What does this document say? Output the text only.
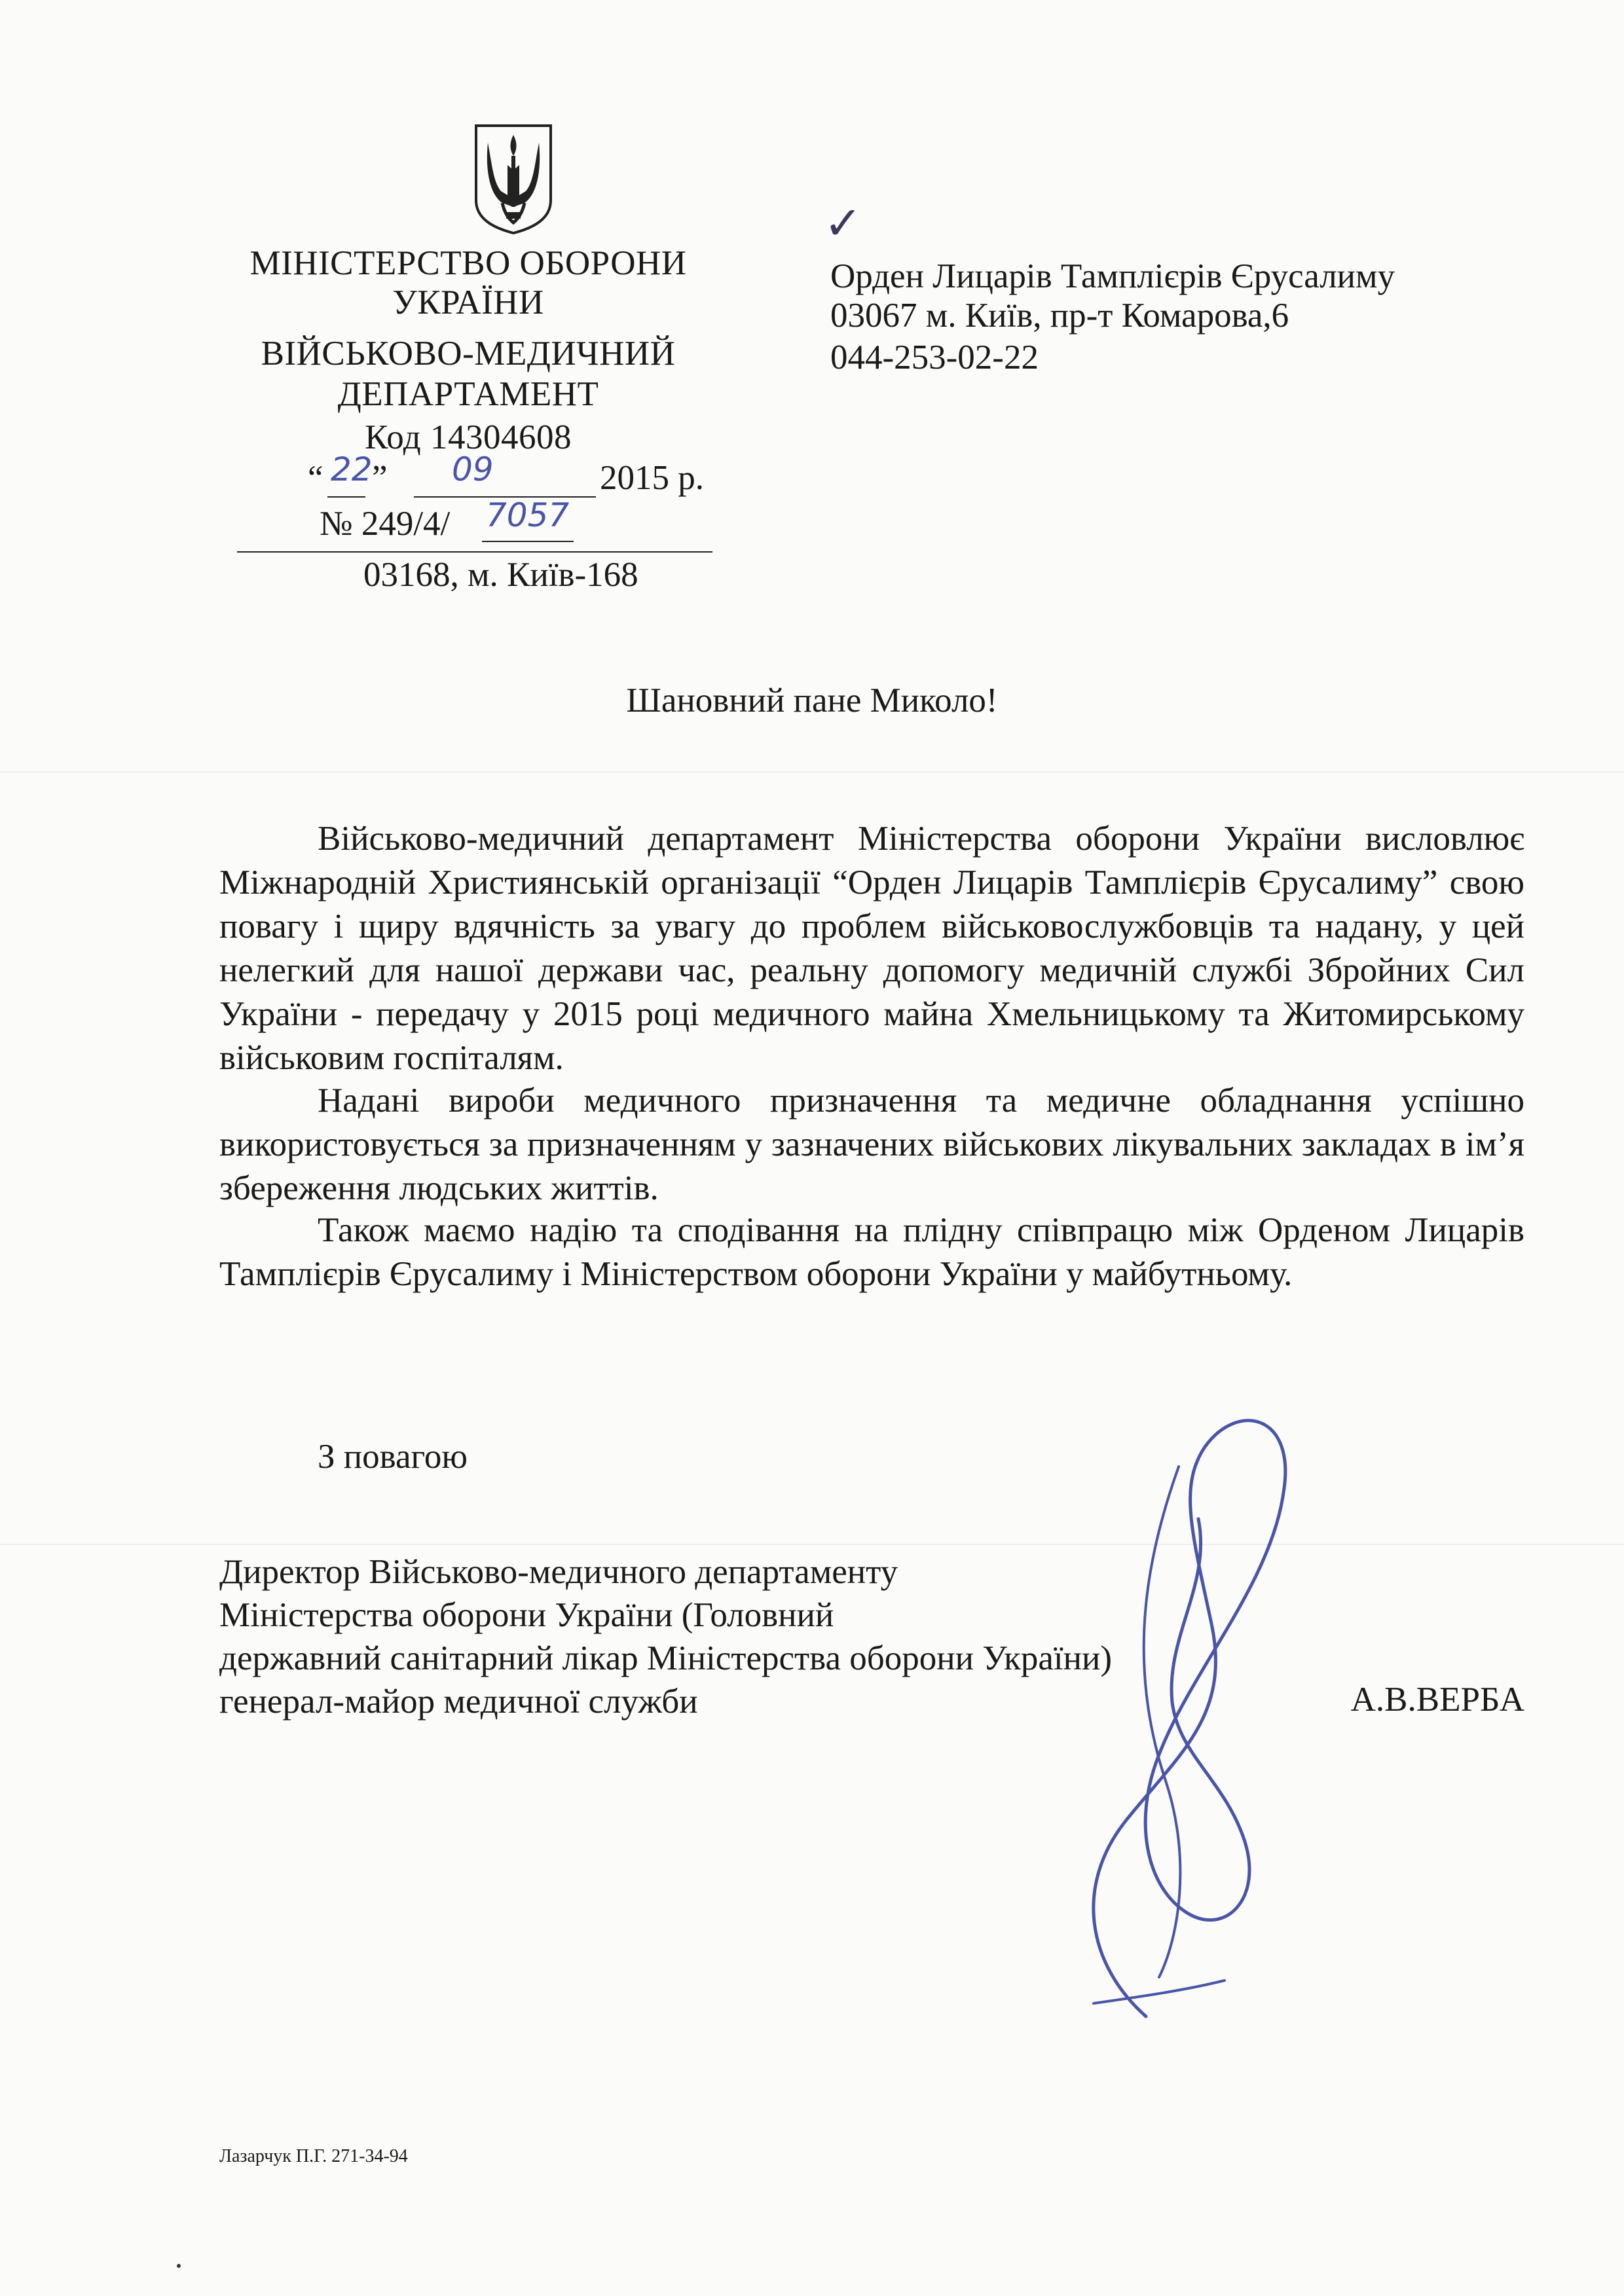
МІНІСТЕРСТВО ОБОРОНИ
УКРАЇНИ
ВІЙСЬКОВО-МЕДИЧНИЙ
ДЕПАРТАМЕНТ
Код 14304608
“ 22 ” 09	2015 р.
№ 249/4/ 7057
03168, м. Київ-168
✓
Орден Лицарів Тамплієрів Єрусалиму
03067 м. Київ, пр-т Комарова,6
044-253-02-22
Шановний пане Миколо!
Військово-медичний департамент Міністерства оборони України висловлює Міжнародній Християнській організації “Орден Лицарів Тамплієрів Єрусалиму” свою повагу і щиру вдячність за увагу до проблем військовослужбовців та надану, у цей нелегкий для нашої держави час, реальну допомогу медичній службі Збройних Сил України - передачу у 2015 році медичного майна Хмельницькому та Житомирському військовим госпіталям.
Надані вироби медичного призначення та медичне обладнання успішно використовується за призначенням у зазначених військових лікувальних закладах в ім’я збереження людських життів.
Також маємо надію та сподівання на плідну співпрацю між Орденом Лицарів Тамплієрів Єрусалиму і Міністерством оборони України у майбутньому.
З повагою
Директор Військово-медичного департаменту
Міністерства оборони України (Головний
державний санітарний лікар Міністерства оборони України)
генерал-майор медичної служби	А.В.ВЕРБА
Лазарчук П.Г. 271-34-94
